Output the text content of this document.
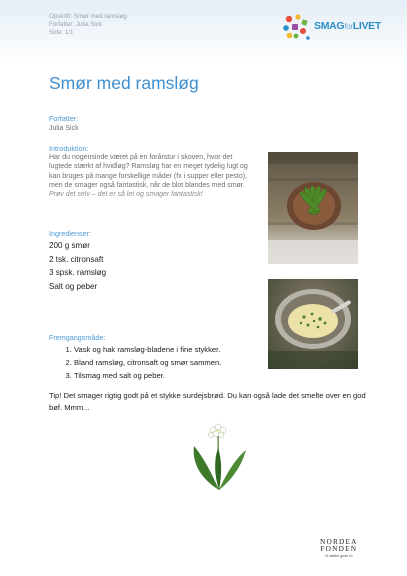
Opskrift: Smør med ramsløg
Forfatter: Julia Sick
Side: 1/1
SMAGforLIVET
Smør med ramsløg
Forfatter:
Julia Sick
Introduktion:
Har du nogensinde været på en forårstur i skoven, hvor det lugtede stærkt af hvidløg? Ramsløg har en meget tydelig lugt og kan bruges på mange forskellige måder (fx i supper eller pesto), men de smager også fantastisk, når de blot blandes med smør. Prøv det selv – det er så let og smager fantastisk!
Ingredienser:
200 g smør
2 tsk. citronsaft
3 spsk. ramsløg
Salt og peber
Fremgangsmåde:
1. Vask og hak ramsløg-bladene i fine stykker.
2. Bland ramsløg, citronsaft og smør sammen.
3. Tilsmag med salt og peber.
Tip! Det smager rigtig godt på et stykke surdejsbrød. Du kan også lade det smelte over en god bøf. Mmm...
NORDEA
FONDEN
Vi støtter gode liv
